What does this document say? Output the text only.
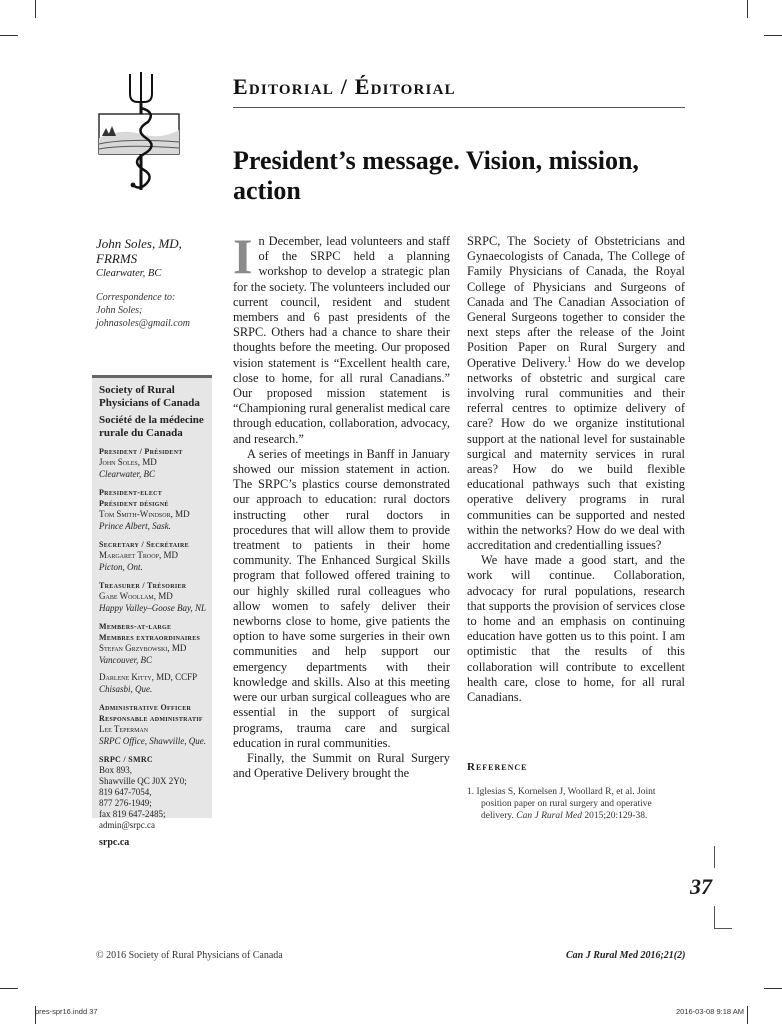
Editorial / Éditorial
President’s message. Vision, mission, action
John Soles, MD, FRRMS
Clearwater, BC
Correspondence to:
John Soles;
johnasoles@gmail.com
Society of Rural Physicians of Canada
Société de la médecine rurale du Canada
President / Président
John Soles, MD
Clearwater, BC
President-elect
Président désigné
Tom Smith-Windsor, MD
Prince Albert, Sask.
Secretary / Secrétaire
Margaret Troop, MD
Picton, Ont.
Treasurer / Trésorier
Gabe Woollam, MD
Happy Valley–Goose Bay, NL
Members-at-large
Membres extraordinaires
Stefan Grzybowski, MD
Vancouver, BC
Darlene Kitty, MD, CCFP
Chisasbi, Que.
Administrative Officer
Responsable administratif
Lee Teperman
SRPC Office, Shawville, Que.
SRPC / SMRC
Box 893,
Shawville QC J0X 2Y0;
819 647-7054,
877 276-1949;
fax 819 647-2485;
admin@srpc.ca
srpc.ca

In December, lead volunteers and staff of the SRPC held a planning workshop to develop a strategic plan for the society. The volunteers included our current council, resident and student members and 6 past presidents of the SRPC. Others had a chance to share their thoughts before the meeting. Our proposed vision statement is “Excellent health care, close to home, for all rural Canadians.” Our proposed mission statement is “Championing rural generalist medical care through education, collaboration, advocacy, and research.”

A series of meetings in Banff in January showed our mission statement in action. The SRPC’s plastics course demonstrated our approach to education: rural doctors instructing other rural doctors in procedures that will allow them to provide treatment to patients in their home community. The Enhanced Surgical Skills program that followed offered training to our highly skilled rural colleagues who allow women to safely deliver their newborns close to home, give patients the option to have some surgeries in their own communities and help support our emergency departments with their knowledge and skills. Also at this meeting were our urban surgical colleagues who are essential in the support of surgical programs, trauma care and surgical education in rural communities.

Finally, the Summit on Rural Surgery and Operative Delivery brought the

SRPC, The Society of Obstetricians and Gynaecologists of Canada, The College of Family Physicians of Canada, the Royal College of Physicians and Surgeons of Canada and The Canadian Association of General Surgeons together to consider the next steps after the release of the Joint Position Paper on Rural Surgery and Operative Delivery.$^1$ How do we develop networks of obstetric and surgical care involving rural communities and their referral centres to optimize delivery of care? How do we organize institutional support at the national level for sustainable surgical and maternity services in rural areas? How do we build flexible educational pathways such that existing operative delivery programs in rural communities can be supported and nested within the networks? How do we deal with accreditation and credentialling issues?

We have made a good start, and the work will continue. Collaboration, advocacy for rural populations, research that supports the provision of services close to home and an emphasis on continuing education have gotten us to this point. I am optimistic that the results of this collaboration will contribute to excellent health care, close to home, for all rural Canadians.

Reference
1. Iglesias S, Kornelsen J, Woollard R, et al. Joint position paper on rural surgery and operative delivery. Can J Rural Med 2015;20:129-38.
37
© 2016 Society of Rural Physicians of Canada	Can J Rural Med 2016;21(2)
pres-spr16.indd 37	2016-03-08 9:18 AM
